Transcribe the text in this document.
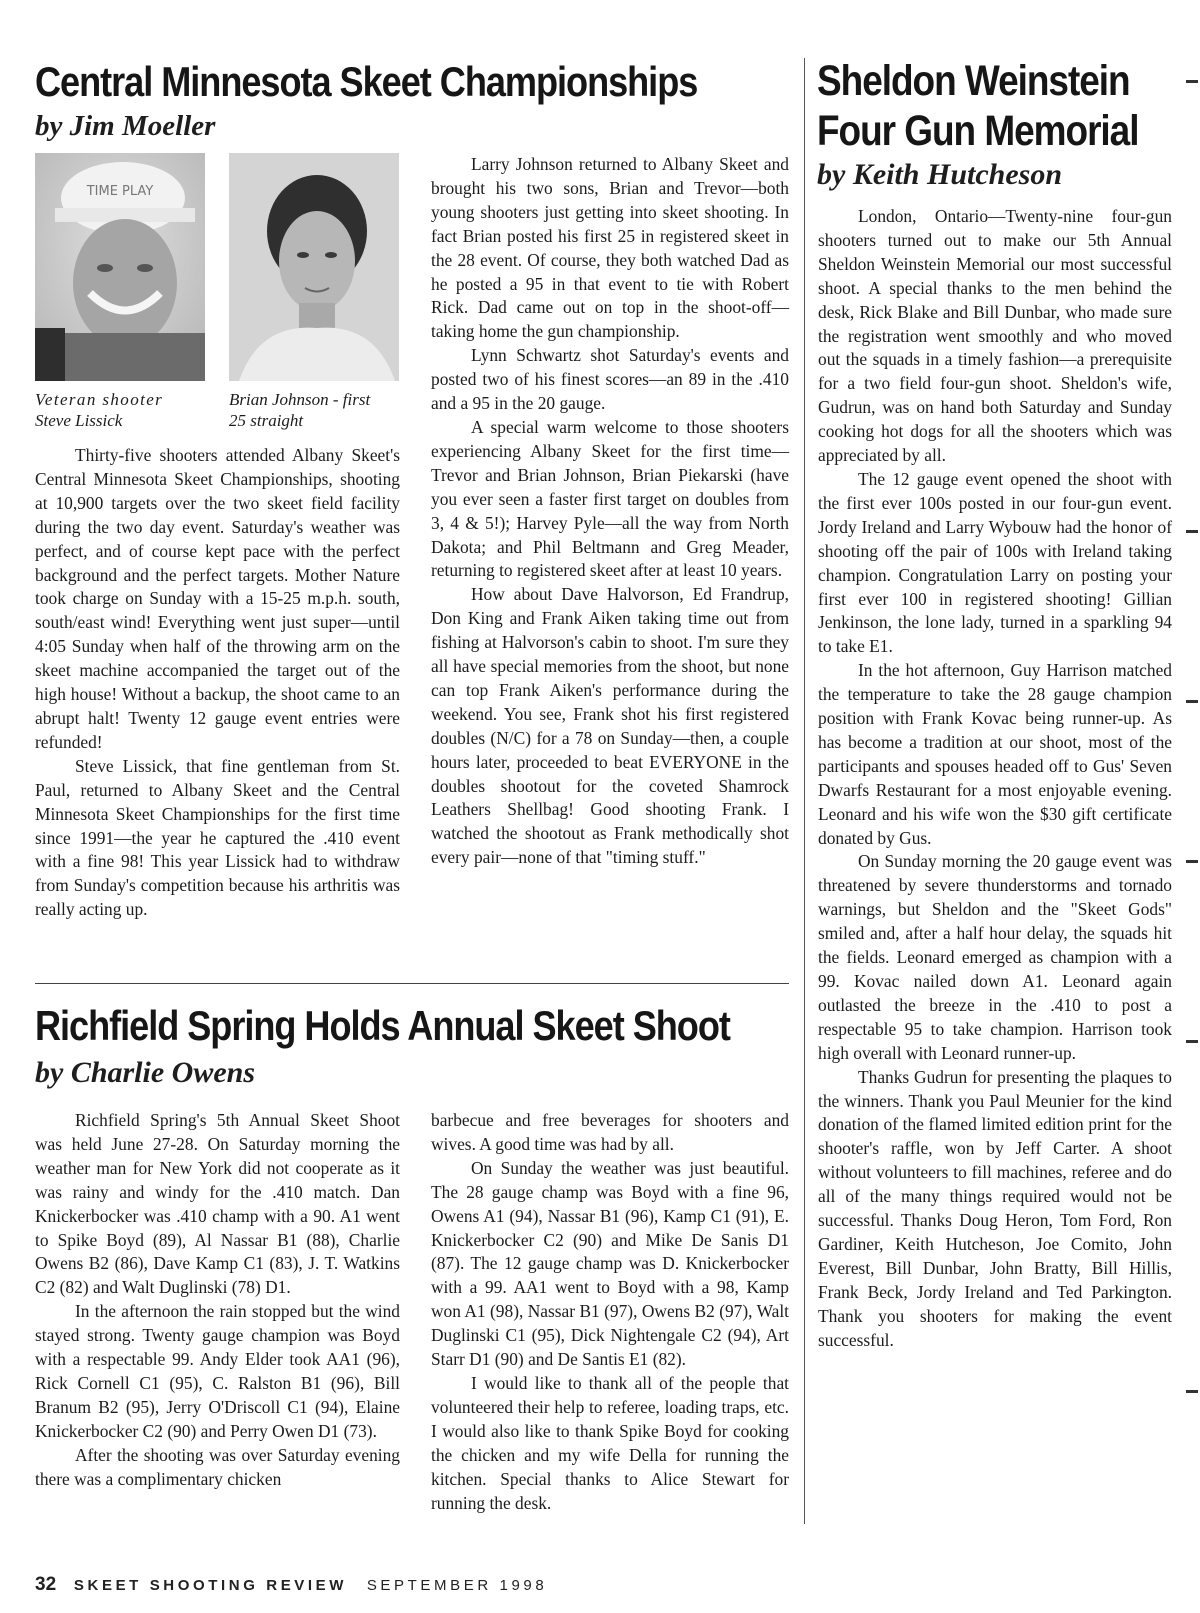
Central Minnesota Skeet Championships
by Jim Moeller
TIME PLAY
Veteran shooter
Steve Lissick
Brian Johnson - first
25 straight

Thirty-five shooters attended Albany Skeet's Central Minnesota Skeet Championships, shooting at 10,900 targets over the two skeet field facility during the two day event. Saturday's weather was perfect, and of course kept pace with the perfect background and the perfect targets. Mother Nature took charge on Sunday with a 15-25 m.p.h. south, south/east wind! Everything went just super—until 4:05 Sunday when half of the throwing arm on the skeet machine accompanied the target out of the high house! Without a backup, the shoot came to an abrupt halt! Twenty 12 gauge event entries were refunded!

Steve Lissick, that fine gentleman from St. Paul, returned to Albany Skeet and the Central Minnesota Skeet Championships for the first time since 1991—the year he captured the .410 event with a fine 98! This year Lissick had to withdraw from Sunday's competition because his arthritis was really acting up.

Larry Johnson returned to Albany Skeet and brought his two sons, Brian and Trevor—both young shooters just getting into skeet shooting. In fact Brian posted his first 25 in registered skeet in the 28 event. Of course, they both watched Dad as he posted a 95 in that event to tie with Robert Rick. Dad came out on top in the shoot-off—taking home the gun championship.

Lynn Schwartz shot Saturday's events and posted two of his finest scores—an 89 in the .410 and a 95 in the 20 gauge.

A special warm welcome to those shooters experiencing Albany Skeet for the first time—Trevor and Brian Johnson, Brian Piekarski (have you ever seen a faster first target on doubles from 3, 4 & 5!); Harvey Pyle—all the way from North Dakota; and Phil Beltmann and Greg Meader, returning to registered skeet after at least 10 years.

How about Dave Halvorson, Ed Frandrup, Don King and Frank Aiken taking time out from fishing at Halvorson's cabin to shoot. I'm sure they all have special memories from the shoot, but none can top Frank Aiken's performance during the weekend. You see, Frank shot his first registered doubles (N/C) for a 78 on Sunday—then, a couple hours later, proceeded to beat EVERYONE in the doubles shootout for the coveted Shamrock Leathers Shellbag! Good shooting Frank. I watched the shootout as Frank methodically shot every pair—none of that "timing stuff."

Richfield Spring Holds Annual Skeet Shoot
by Charlie Owens

Richfield Spring's 5th Annual Skeet Shoot was held June 27-28. On Saturday morning the weather man for New York did not cooperate as it was rainy and windy for the .410 match. Dan Knickerbocker was .410 champ with a 90. A1 went to Spike Boyd (89), Al Nassar B1 (88), Charlie Owens B2 (86), Dave Kamp C1 (83), J. T. Watkins C2 (82) and Walt Duglinski (78) D1.

In the afternoon the rain stopped but the wind stayed strong. Twenty gauge champion was Boyd with a respectable 99. Andy Elder took AA1 (96), Rick Cornell C1 (95), C. Ralston B1 (96), Bill Branum B2 (95), Jerry O'Driscoll C1 (94), Elaine Knickerbocker C2 (90) and Perry Owen D1 (73).

After the shooting was over Saturday evening there was a complimentary chicken

barbecue and free beverages for shooters and wives. A good time was had by all.

On Sunday the weather was just beautiful. The 28 gauge champ was Boyd with a fine 96, Owens A1 (94), Nassar B1 (96), Kamp C1 (91), E. Knickerbocker C2 (90) and Mike De Sanis D1 (87). The 12 gauge champ was D. Knickerbocker with a 99. AA1 went to Boyd with a 98, Kamp won A1 (98), Nassar B1 (97), Owens B2 (97), Walt Duglinski C1 (95), Dick Nightengale C2 (94), Art Starr D1 (90) and De Santis E1 (82).

I would like to thank all of the people that volunteered their help to referee, loading traps, etc. I would also like to thank Spike Boyd for cooking the chicken and my wife Della for running the kitchen. Special thanks to Alice Stewart for running the desk.

Sheldon Weinstein
Four Gun Memorial
by Keith Hutcheson

London, Ontario—Twenty-nine four-gun shooters turned out to make our 5th Annual Sheldon Weinstein Memorial our most successful shoot. A special thanks to the men behind the desk, Rick Blake and Bill Dunbar, who made sure the registration went smoothly and who moved out the squads in a timely fashion—a prerequisite for a two field four-gun shoot. Sheldon's wife, Gudrun, was on hand both Saturday and Sunday cooking hot dogs for all the shooters which was appreciated by all.

The 12 gauge event opened the shoot with the first ever 100s posted in our four-gun event. Jordy Ireland and Larry Wybouw had the honor of shooting off the pair of 100s with Ireland taking champion. Congratulation Larry on posting your first ever 100 in registered shooting! Gillian Jenkinson, the lone lady, turned in a sparkling 94 to take E1.

In the hot afternoon, Guy Harrison matched the temperature to take the 28 gauge champion position with Frank Kovac being runner-up. As has become a tradition at our shoot, most of the participants and spouses headed off to Gus' Seven Dwarfs Restaurant for a most enjoyable evening. Leonard and his wife won the $30 gift certificate donated by Gus.

On Sunday morning the 20 gauge event was threatened by severe thunderstorms and tornado warnings, but Sheldon and the "Skeet Gods" smiled and, after a half hour delay, the squads hit the fields. Leonard emerged as champion with a 99. Kovac nailed down A1. Leonard again outlasted the breeze in the .410 to post a respectable 95 to take champion. Harrison took high overall with Leonard runner-up.

Thanks Gudrun for presenting the plaques to the winners. Thank you Paul Meunier for the kind donation of the flamed limited edition print for the shooter's raffle, won by Jeff Carter. A shoot without volunteers to fill machines, referee and do all of the many things required would not be successful. Thanks Doug Heron, Tom Ford, Ron Gardiner, Keith Hutcheson, Joe Comito, John Everest, Bill Dunbar, John Bratty, Bill Hillis, Frank Beck, Jordy Ireland and Ted Parkington. Thank you shooters for making the event successful.

32 SKEET SHOOTING REVIEW SEPTEMBER 1998
